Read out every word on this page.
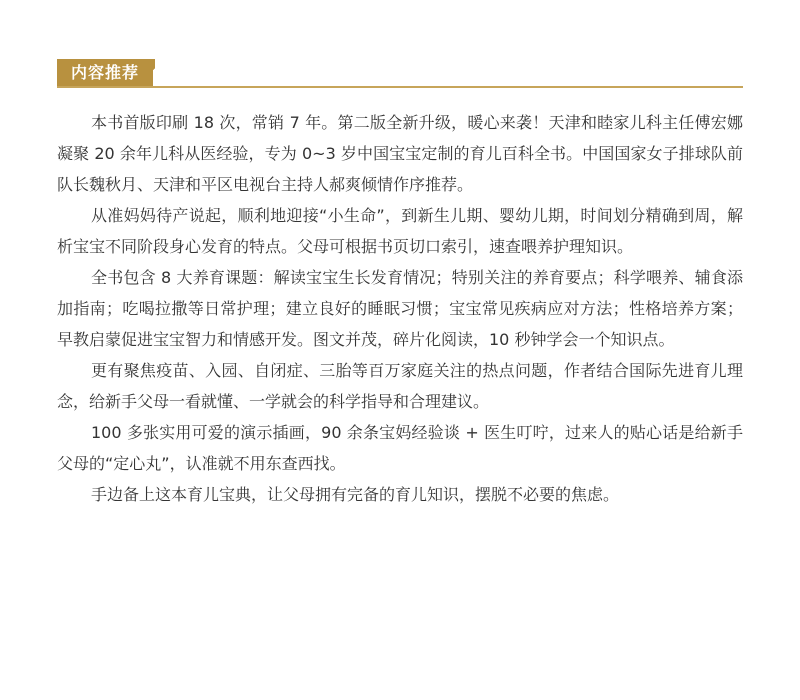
内容推荐

本书首版印刷 18 次，常销 7 年。第二版全新升级，暖心来袭！天津和睦家儿科主任傅宏娜凝聚 20 余年儿科从医经验，专为 0~3 岁中国宝宝定制的育儿百科全书。中国国家女子排球队前队长魏秋月、天津和平区电视台主持人郝爽倾情作序推荐。

从准妈妈待产说起，顺利地迎接“小生命”，到新生儿期、婴幼儿期，时间划分精确到周，解析宝宝不同阶段身心发育的特点。父母可根据书页切口索引，速查喂养护理知识。

全书包含 8 大养育课题：解读宝宝生长发育情况；特别关注的养育要点；科学喂养、辅食添加指南；吃喝拉撒等日常护理；建立良好的睡眠习惯；宝宝常见疾病应对方法；性格培养方案；早教启蒙促进宝宝智力和情感开发。图文并茂，碎片化阅读，10 秒钟学会一个知识点。

更有聚焦疫苗、入园、自闭症、三胎等百万家庭关注的热点问题，作者结合国际先进育儿理念，给新手父母一看就懂、一学就会的科学指导和合理建议。

100 多张实用可爱的演示插画，90 余条宝妈经验谈 + 医生叮咛，过来人的贴心话是给新手父母的“定心丸”，认准就不用东查西找。

手边备上这本育儿宝典，让父母拥有完备的育儿知识，摆脱不必要的焦虑。
